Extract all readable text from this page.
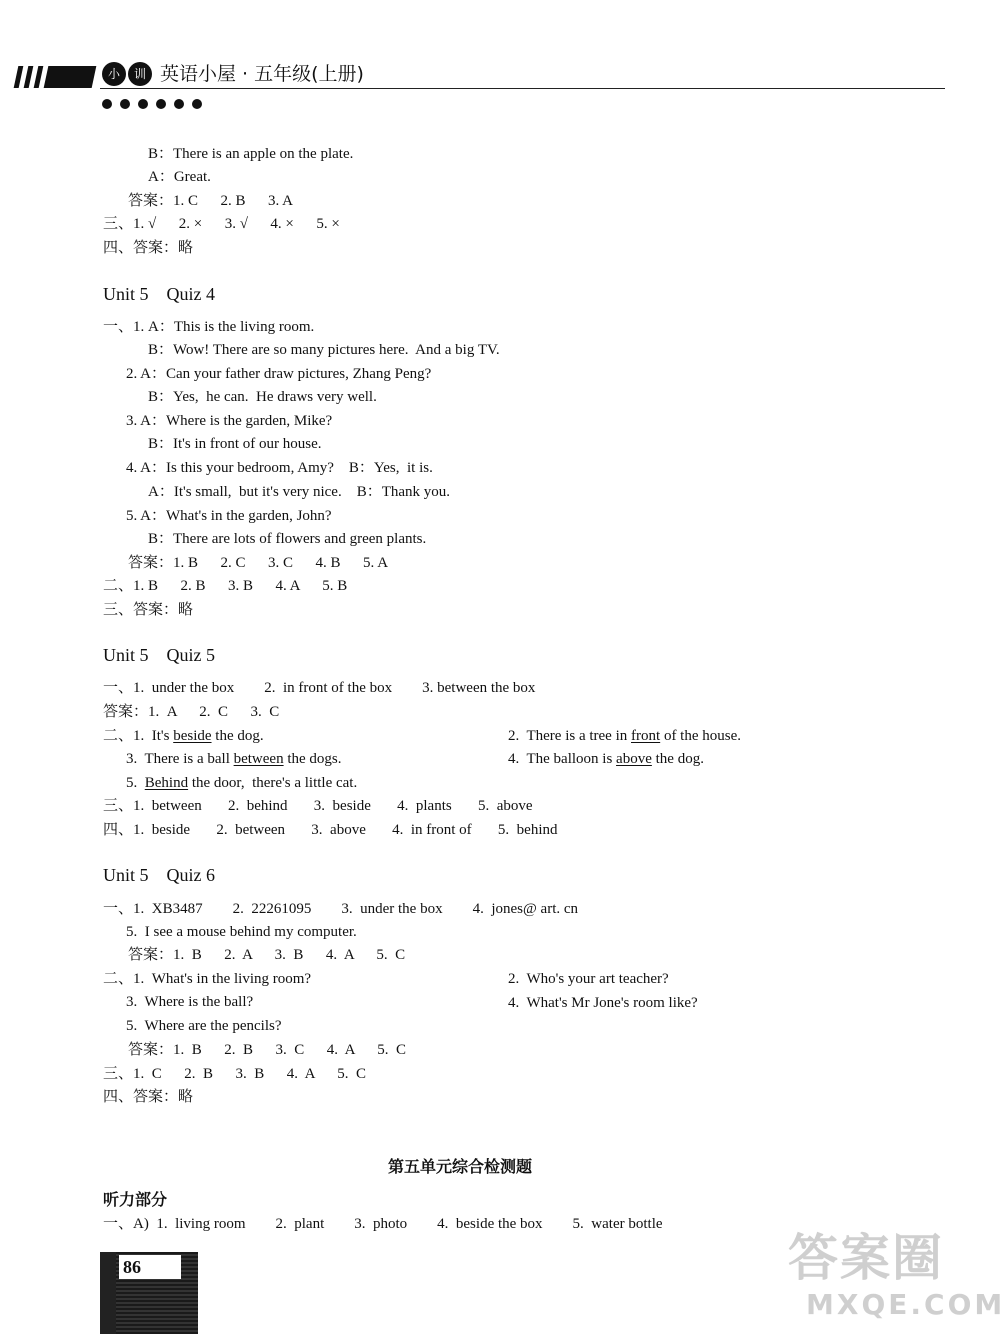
小	训 英语小屋 · 五年级(上册)
B：There is an apple on the plate.
A：Great.
答案：1. C      2. B      3. A
三、1. √      2. ×      3. √      4. ×      5. ×
四、答案：略
Unit 5    Quiz 4
一、1. A：This is the living room.
B：Wow! There are so many pictures here.  And a big TV.
2. A：Can your father draw pictures, Zhang Peng?
B：Yes,  he can.  He draws very well.
3. A：Where is the garden, Mike?
B：It's in front of our house.
4. A：Is this your bedroom, Amy?    B：Yes,  it is.
A：It's small,  but it's very nice.    B：Thank you.
5. A：What's in the garden, John?
B：There are lots of flowers and green plants.
答案：1. B      2. C      3. C      4. B      5. A
二、1. B      2. B      3. B      4. A      5. B
三、答案：略
Unit 5    Quiz 5
一、1.  under the box        2.  in front of the box        3. between the box
答案：1.  A      2.  C      3.  C
二、1.  It's beside the dog.	2.  There is a tree in front of the house.
3.  There is a ball between the dogs.	4.  The balloon is above the dog.
5.  Behind the door,  there's a little cat.
三、1.  between       2.  behind       3.  beside       4.  plants       5.  above
四、1.  beside       2.  between       3.  above       4.  in front of       5.  behind
Unit 5    Quiz 6
一、1.  XB3487        2.  22261095        3.  under the box        4.  jones@ art. cn
5.  I see a mouse behind my computer.
答案：1.  B      2.  A      3.  B      4.  A      5.  C
二、1.  What's in the living room?	2.  Who's your art teacher?
3.  Where is the ball?	4.  What's Mr Jone's room like?
5.  Where are the pencils?
答案：1.  B      2.  B      3.  C      4.  A      5.  C
三、1.  C      2.  B      3.  B      4.  A      5.  C
四、答案：略
第五单元综合检测题
听力部分
一、A)  1.  living room        2.  plant        3.  photo        4.  beside the box        5.  water bottle
86	答案圈
MXQE.COM
